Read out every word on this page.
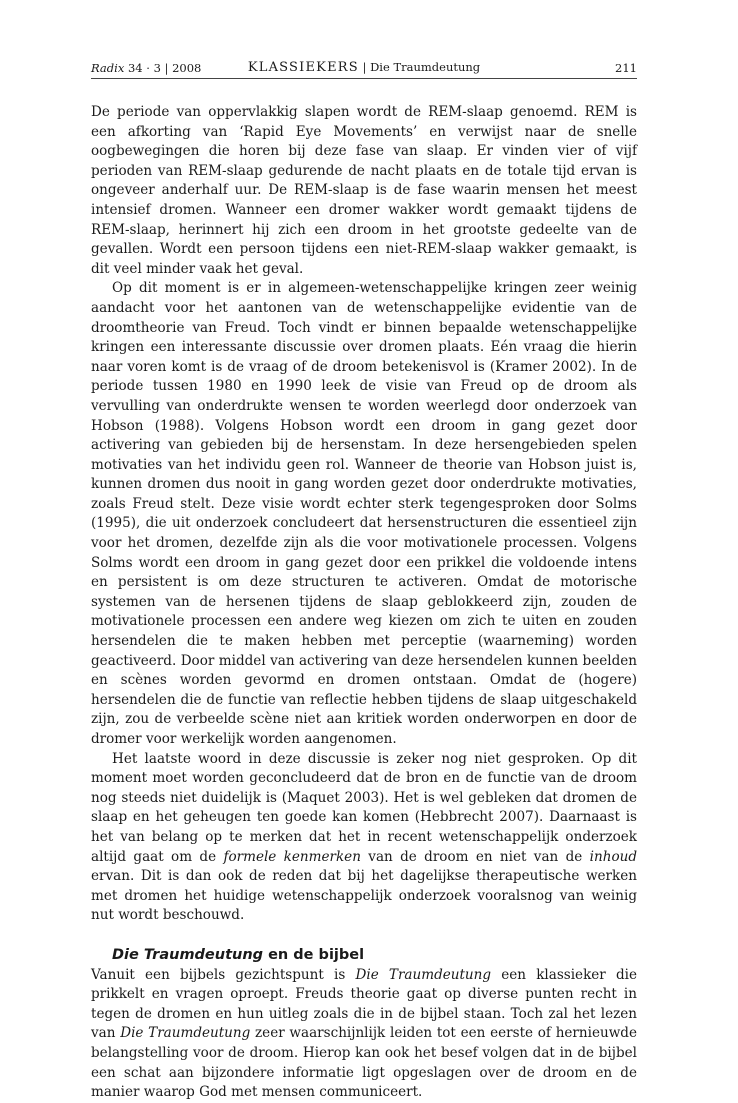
Radix 34 · 3 | 2008	KLASSIEKERS | Die Traumdeutung	211

De periode van oppervlakkig slapen wordt de REM-slaap genoemd. REM is een afkorting van ‘Rapid Eye Movements’ en verwijst naar de snelle oogbewegingen die horen bij deze fase van slaap. Er vinden vier of vijf perioden van REM-slaap gedurende de nacht plaats en de totale tijd ervan is ongeveer anderhalf uur. De REM-slaap is de fase waarin mensen het meest intensief dromen. Wanneer een dromer wakker wordt gemaakt tijdens de REM-slaap, herinnert hij zich een droom in het grootste gedeelte van de gevallen. Wordt een persoon tijdens een niet-REM-slaap wakker gemaakt, is dit veel minder vaak het geval.

Op dit moment is er in algemeen-wetenschappelijke kringen zeer weinig aandacht voor het aantonen van de wetenschappelijke evidentie van de droomtheorie van Freud. Toch vindt er binnen bepaalde wetenschappelijke kringen een interessante discussie over dromen plaats. Eén vraag die hierin naar voren komt is de vraag of de droom betekenisvol is (Kramer 2002). In de periode tussen 1980 en 1990 leek de visie van Freud op de droom als vervulling van onderdrukte wensen te worden weerlegd door onderzoek van Hobson (1988). Volgens Hobson wordt een droom in gang gezet door activering van gebieden bij de hersenstam. In deze hersengebieden spelen motivaties van het individu geen rol. Wanneer de theorie van Hobson juist is, kunnen dromen dus nooit in gang worden gezet door onderdrukte motivaties, zoals Freud stelt. Deze visie wordt echter sterk tegengesproken door Solms (1995), die uit onderzoek concludeert dat hersenstructuren die essentieel zijn voor het dromen, dezelfde zijn als die voor motivationele processen. Volgens Solms wordt een droom in gang gezet door een prikkel die voldoende intens en persistent is om deze structuren te activeren. Omdat de motorische systemen van de hersenen tijdens de slaap geblokkeerd zijn, zouden de motivationele processen een andere weg kiezen om zich te uiten en zouden hersendelen die te maken hebben met perceptie (waarneming) worden geactiveerd. Door middel van activering van deze hersendelen kunnen beelden en scènes worden gevormd en dromen ontstaan. Omdat de (hogere) hersendelen die de functie van reflectie hebben tijdens de slaap uitgeschakeld zijn, zou de verbeelde scène niet aan kritiek worden onderworpen en door de dromer voor werkelijk worden aangenomen.

Het laatste woord in deze discussie is zeker nog niet gesproken. Op dit moment moet worden geconcludeerd dat de bron en de functie van de droom nog steeds niet duidelijk is (Maquet 2003). Het is wel gebleken dat dromen de slaap en het geheugen ten goede kan komen (Hebbrecht 2007). Daarnaast is het van belang op te merken dat het in recent wetenschappelijk onderzoek altijd gaat om de formele kenmerken van de droom en niet van de inhoud ervan. Dit is dan ook de reden dat bij het dagelijkse therapeutische werken met dromen het huidige wetenschappelijk onderzoek vooralsnog van weinig nut wordt beschouwd.

Die Traumdeutung en de bijbel

Vanuit een bijbels gezichtspunt is Die Traumdeutung een klassieker die prikkelt en vragen oproept. Freuds theorie gaat op diverse punten recht in tegen de dromen en hun uitleg zoals die in de bijbel staan. Toch zal het lezen van Die Traumdeutung zeer waarschijnlijk leiden tot een eerste of hernieuwde belangstelling voor de droom. Hierop kan ook het besef volgen dat in de bijbel een schat aan bijzondere informatie ligt opgeslagen over de droom en de manier waarop God met mensen communiceert.
